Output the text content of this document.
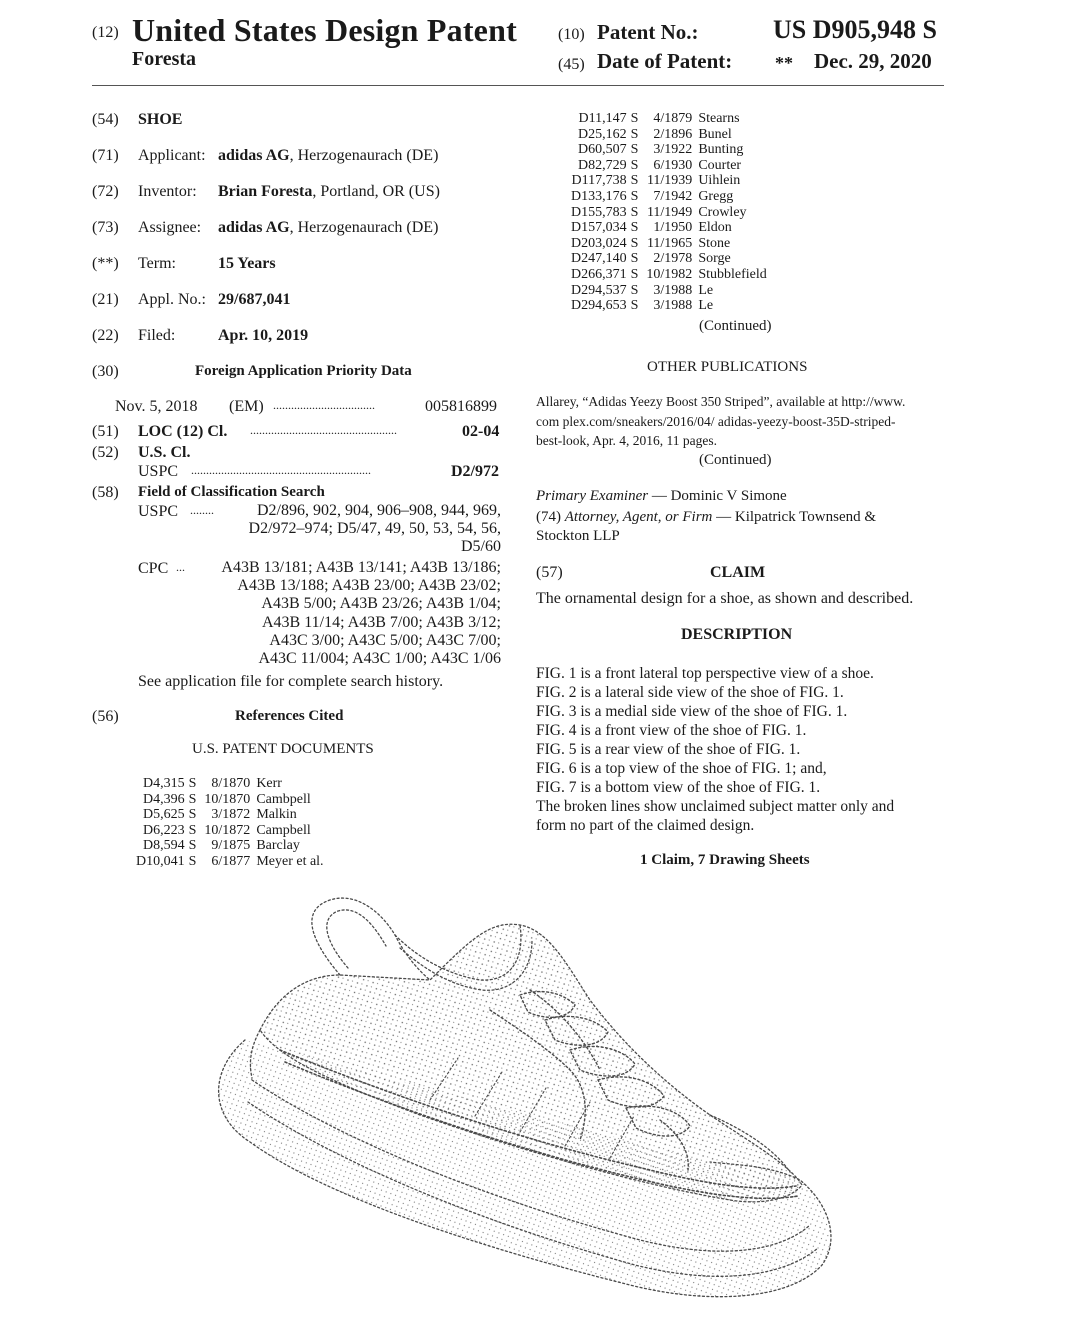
(12) United States Design Patent
Foresta
(10) Patent No.:	US D905,948 S
(45) Date of Patent: ** Dec. 29, 2020
(54) SHOE
(71) Applicant: adidas AG, Herzogenaurach (DE)
(72) Inventor: Brian Foresta, Portland, OR (US)
(73) Assignee: adidas AG, Herzogenaurach (DE)
(**) Term:	15 Years
(21) Appl. No.: 29/687,041
(22) Filed:	Apr. 10, 2019
(30)	Foreign Application Priority Data
Nov. 5, 2018 (EM) ..................................	005816899
(51) LOC (12) Cl. .................................................	02-04
(52) U.S. Cl.
USPC ............................................................	D2/972
(58) Field of Classification Search
USPC ........	D2/896, 902, 904, 906–908, 944, 969,
D2/972–974; D5/47, 49, 50, 53, 54, 56,
D5/60
CPC ... A43B 13/181; A43B 13/141; A43B 13/186;
A43B 13/188; A43B 23/00; A43B 23/02;
A43B 5/00; A43B 23/26; A43B 1/04;
A43B 11/14; A43B 7/00; A43B 3/12;
A43C 3/00; A43C 5/00; A43C 7/00;
A43C 11/004; A43C 1/00; A43C 1/06
See application file for complete search history.
(56)	References Cited
U.S. PATENT DOCUMENTS
D4,315	S	8/1870	Kerr
D4,396	S	10/1870	Cambpell
D5,625	S	3/1872	Malkin
D6,223	S	10/1872	Campbell
D8,594	S	9/1875	Barclay
D10,041	S	6/1877	Meyer et al.
D11,147	S	4/1879	Stearns
D25,162	S	2/1896	Bunel
D60,507	S	3/1922	Bunting
D82,729	S	6/1930	Courter
D117,738	S	11/1939	Uihlein
D133,176	S	7/1942	Gregg
D155,783	S	11/1949	Crowley
D157,034	S	1/1950	Eldon
D203,024	S	11/1965	Stone
D247,140	S	2/1978	Sorge
D266,371	S	10/1982	Stubblefield
D294,537	S	3/1988	Le
D294,653	S	3/1988	Le
(Continued)
OTHER PUBLICATIONS
Allarey, “Adidas Yeezy Boost 350 Striped”, available at http://www.
com plex.com/sneakers/2016/04/ adidas-yeezy-boost-35D-striped-
best-look, Apr. 4, 2016, 11 pages.
(Continued)
Primary Examiner — Dominic V Simone
(74) Attorney, Agent, or Firm — Kilpatrick Townsend &
Stockton LLP
(57)	CLAIM
The ornamental design for a shoe, as shown and described.
DESCRIPTION
FIG. 1 is a front lateral top perspective view of a shoe.
FIG. 2 is a lateral side view of the shoe of FIG. 1.
FIG. 3 is a medial side view of the shoe of FIG. 1.
FIG. 4 is a front view of the shoe of FIG. 1.
FIG. 5 is a rear view of the shoe of FIG. 1.
FIG. 6 is a top view of the shoe of FIG. 1; and,
FIG. 7 is a bottom view of the shoe of FIG. 1.
The broken lines show unclaimed subject matter only and
form no part of the claimed design.
1 Claim, 7 Drawing Sheets
